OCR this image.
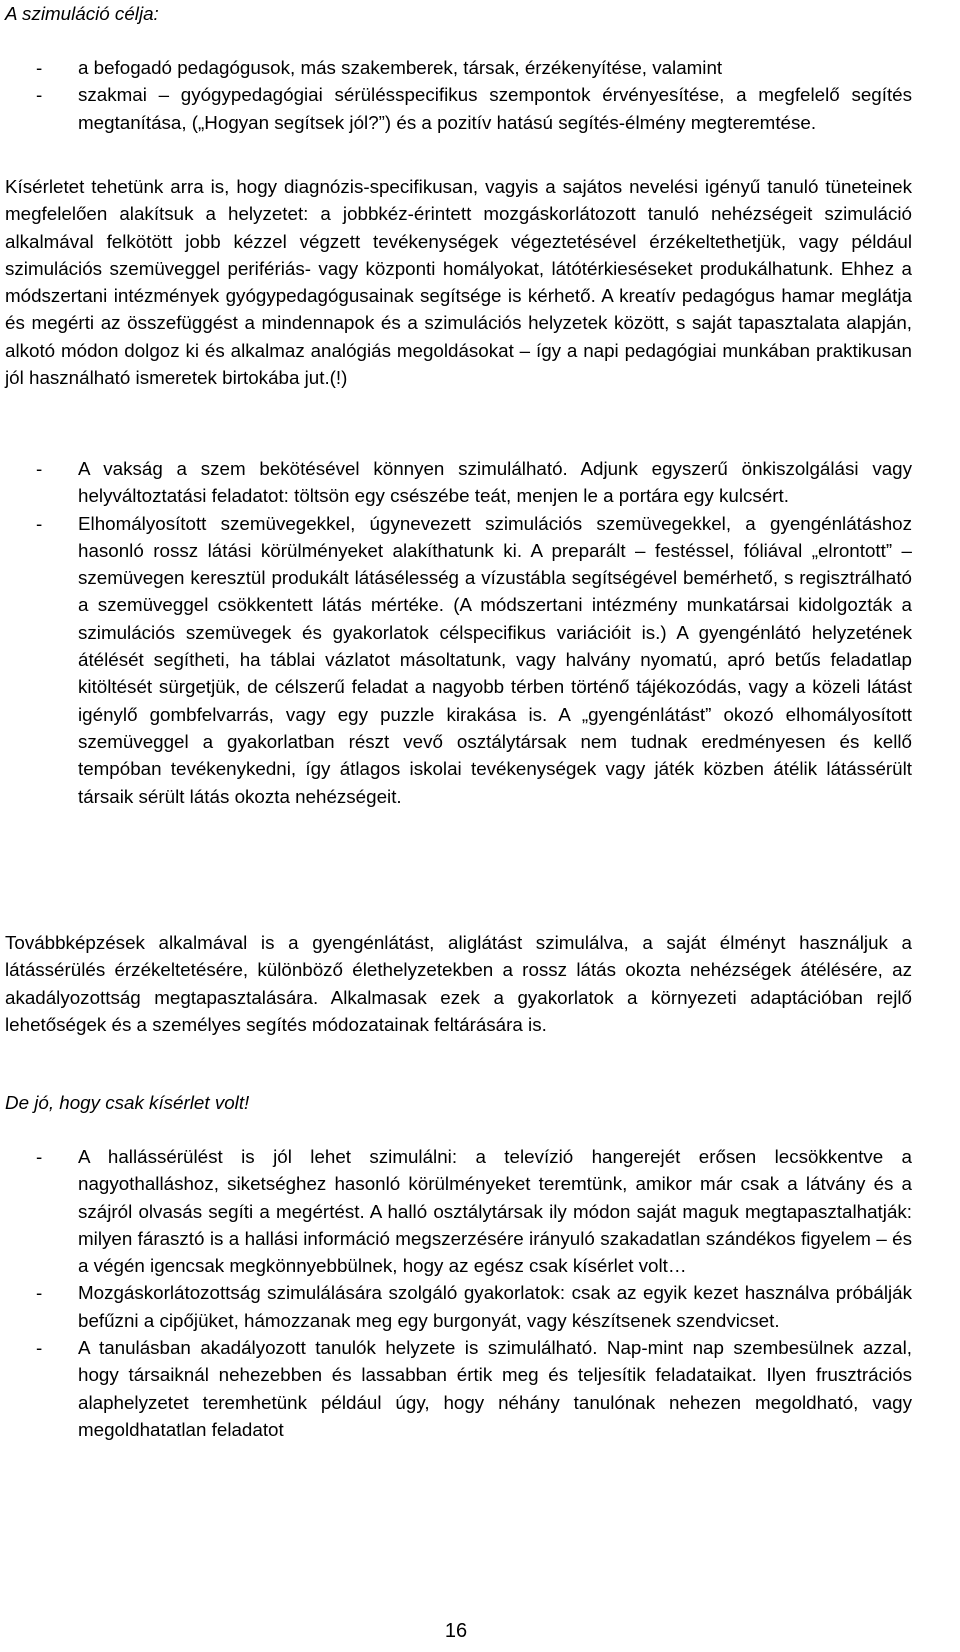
A szimuláció célja:
- a befogadó pedagógusok, más szakemberek, társak, érzékenyítése, valamint
- szakmai – gyógypedagógiai sérülésspecifikus szempontok érvényesítése, a megfelelő segítés megtanítása, („Hogyan segítsek jól?”) és a pozitív hatású segítés-élmény megteremtése.

Kísérletet tehetünk arra is, hogy diagnózis-specifikusan, vagyis a sajátos nevelési igényű tanuló tüneteinek megfelelően alakítsuk a helyzetet: a jobbkéz-érintett mozgáskorlátozott tanuló nehézségeit szimuláció alkalmával felkötött jobb kézzel végzett tevékenységek végeztetésével érzékeltethetjük, vagy például szimulációs szemüveggel perifériás- vagy központi homályokat, látótérkieséseket produkálhatunk. Ehhez a módszertani intézmények gyógypedagógusainak segítsége is kérhető. A kreatív pedagógus hamar meglátja és megérti az összefüggést a mindennapok és a szimulációs helyzetek között, s saját tapasztalata alapján, alkotó módon dolgoz ki és alkalmaz analógiás megoldásokat – így a napi pedagógiai munkában praktikusan jól használható ismeretek birtokába jut.(!)

- A vakság a szem bekötésével könnyen szimulálható. Adjunk egyszerű önkiszolgálási vagy helyváltoztatási feladatot: töltsön egy csészébe teát, menjen le a portára egy kulcsért.
- Elhomályosított szemüvegekkel, úgynevezett szimulációs szemüvegekkel, a gyengénlátáshoz hasonló rossz látási körülményeket alakíthatunk ki. A preparált – festéssel, fóliával „elrontott” – szemüvegen keresztül produkált látásélesség a vízustábla segítségével bemérhető, s regisztrálható a szemüveggel csökkentett látás mértéke. (A módszertani intézmény munkatársai kidolgozták a szimulációs szemüvegek és gyakorlatok célspecifikus variációit is.) A gyengénlátó helyzetének átélését segítheti, ha táblai vázlatot másoltatunk, vagy halvány nyomatú, apró betűs feladatlap kitöltését sürgetjük, de célszerű feladat a nagyobb térben történő tájékozódás, vagy a közeli látást igénylő gombfelvarrás, vagy egy puzzle kirakása is. A „gyengénlátást” okozó elhomályosított szemüveggel a gyakorlatban részt vevő osztálytársak nem tudnak eredményesen és kellő tempóban tevékenykedni, így átlagos iskolai tevékenységek vagy játék közben átélik látássérült társaik sérült látás okozta nehézségeit.

Továbbképzések alkalmával is a gyengénlátást, aliglátást szimulálva, a saját élményt használjuk a látássérülés érzékeltetésére, különböző élethelyzetekben a rossz látás okozta nehézségek átélésére, az akadályozottság megtapasztalására. Alkalmasak ezek a gyakorlatok a környezeti adaptációban rejlő lehetőségek és a személyes segítés módozatainak feltárására is.

De jó, hogy csak kísérlet volt!
- A hallássérülést is jól lehet szimulálni: a televízió hangerejét erősen lecsökkentve a nagyothalláshoz, siketséghez hasonló körülményeket teremtünk, amikor már csak a látvány és a szájról olvasás segíti a megértést. A halló osztálytársak ily módon saját maguk megtapasztalhatják: milyen fárasztó is a hallási információ megszerzésére irányuló szakadatlan szándékos figyelem – és a végén igencsak megkönnyebbülnek, hogy az egész csak kísérlet volt…
- Mozgáskorlátozottság szimulálására szolgáló gyakorlatok: csak az egyik kezet használva próbálják befűzni a cipőjüket, hámozzanak meg egy burgonyát, vagy készítsenek szendvicset.
- A tanulásban akadályozott tanulók helyzete is szimulálható. Nap-mint nap szembesülnek azzal, hogy társaiknál nehezebben és lassabban értik meg és teljesítik feladataikat. Ilyen frusztrációs alaphelyzetet teremhetünk például úgy, hogy néhány tanulónak nehezen megoldható, vagy megoldhatatlan feladatot
16
